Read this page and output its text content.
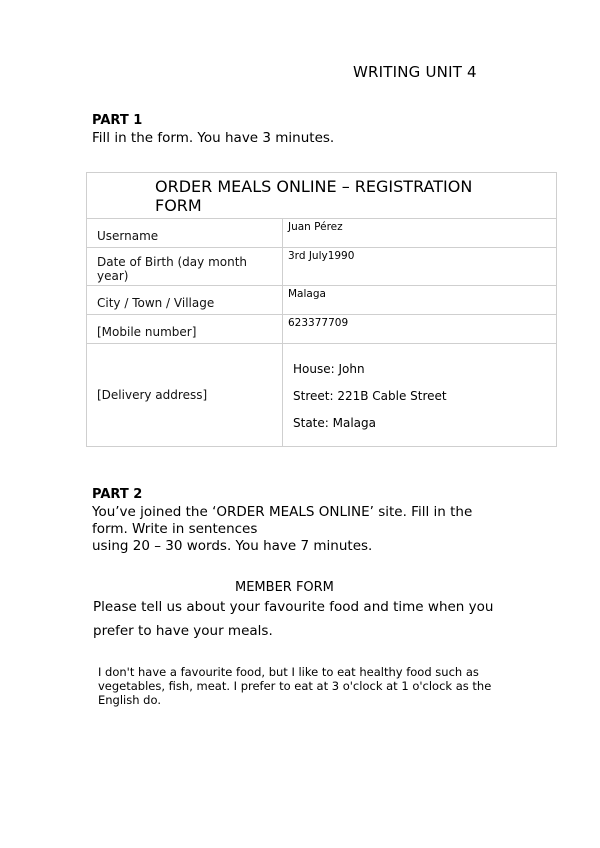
WRITING UNIT 4
PART 1
Fill in the form. You have 3 minutes.
ORDER MEALS ONLINE – REGISTRATION
FORM	

Username	Juan Pérez

Date of Birth (day month
year)	3rd July1990
City / Town / Village	Malaga
[Mobile number]	623377709
[Delivery address]	House: John
Street: 221B Cable Street
State: Malaga
PART 2
You’ve joined the ‘ORDER MEALS ONLINE’ site. Fill in the
form. Write in sentences
using 20 – 30 words. You have 7 minutes.
MEMBER FORM
Please tell us about your favourite food and time when you
prefer to have your meals.
I don't have a favourite food, but I like to eat healthy food such as
vegetables, fish, meat. I prefer to eat at 3 o'clock at 1 o'clock as the
English do.
